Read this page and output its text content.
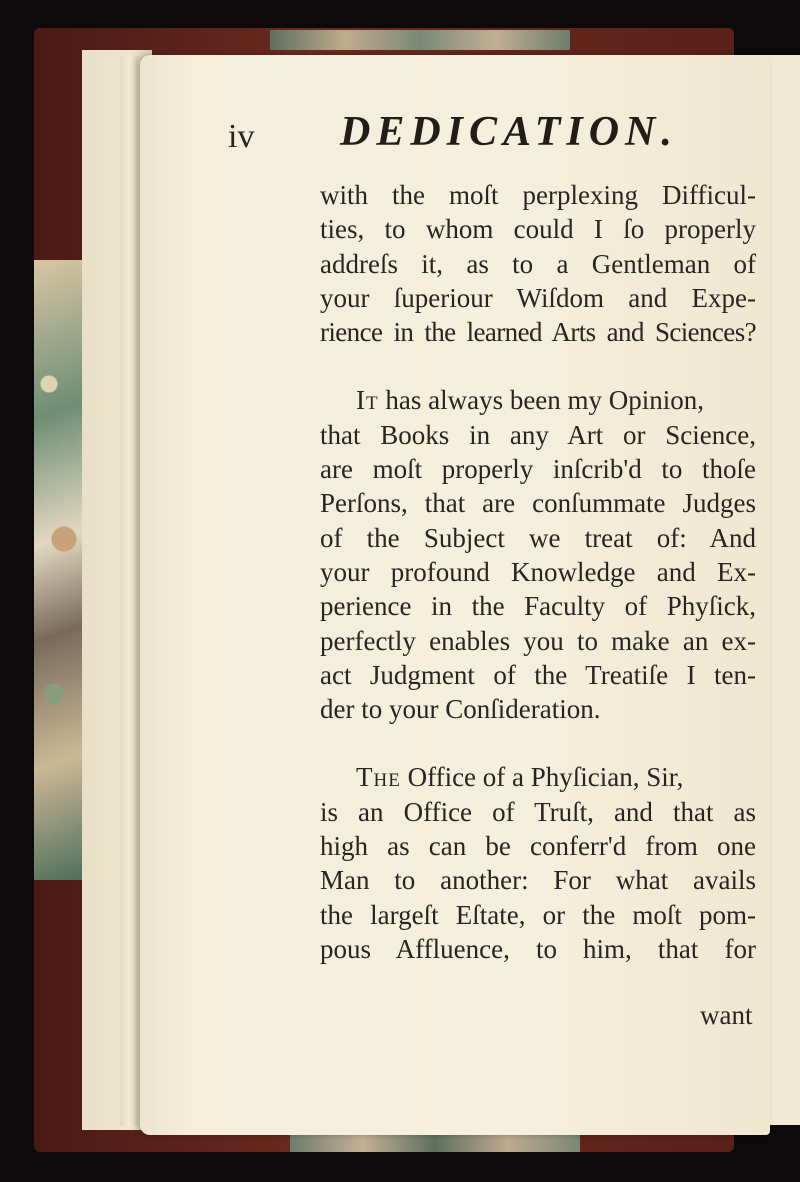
iv DEDICATION.
with the moſt perplexing Difficul-
ties, to whom could I ſo properly
addreſs it, as to a Gentleman of
your ſuperiour Wiſdom and Expe-
rience in the learned Arts and Sciences?
It has always been my Opinion,
that Books in any Art or Science,
are moſt properly inſcrib'd to thoſe
Perſons, that are conſummate Judges
of the Subject we treat of: And
your profound Knowledge and Ex-
perience in the Faculty of Phyſick,
perfectly enables you to make an ex-
act Judgment of the Treatiſe I ten-
der to your Conſideration.
The Office of a Phyſician, Sir,
is an Office of Truſt, and that as
high as can be conferr'd from one
Man to another: For what avails
the largeſt Eſtate, or the moſt pom-
pous Affluence, to him, that for
want
